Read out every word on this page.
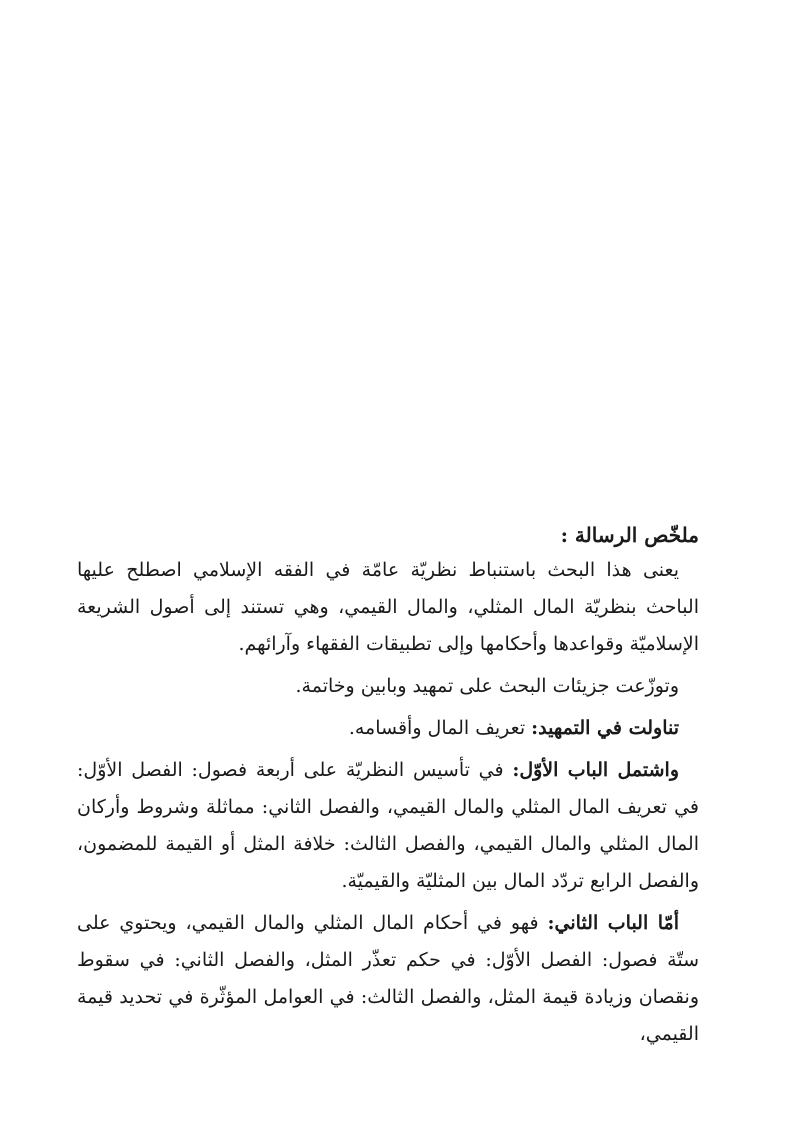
ملخّص الرسالة :

يعنى هذا البحث باستنباط نظريّة عامّة في الفقه الإسلامي اصطلح عليها الباحث بنظريّة المال المثلي، والمال القيمي، وهي تستند إلى أصول الشريعة الإسلاميّة وقواعدها وأحكامها وإلى تطبيقات الفقهاء وآرائهم.

وتوزّعت جزيئات البحث على تمهيد وبابين وخاتمة.

تناولت في التمهيد: تعريف المال وأقسامه.

واشتمل الباب الأوّل: في تأسيس النظريّة على أربعة فصول: الفصل الأوّل: في تعريف المال المثلي والمال القيمي، والفصل الثاني: مماثلة وشروط وأركان المال المثلي والمال القيمي، والفصل الثالث: خلافة المثل أو القيمة للمضمون، والفصل الرابع تردّد المال بين المثليّة والقيميّة.

أمّا الباب الثاني: فهو في أحكام المال المثلي والمال القيمي، ويحتوي على ستّة فصول: الفصل الأوّل: في حكم تعذّر المثل، والفصل الثاني: في سقوط ونقصان وزيادة قيمة المثل، والفصل الثالث: في العوامل المؤثّرة في تحديد قيمة القيمي،
